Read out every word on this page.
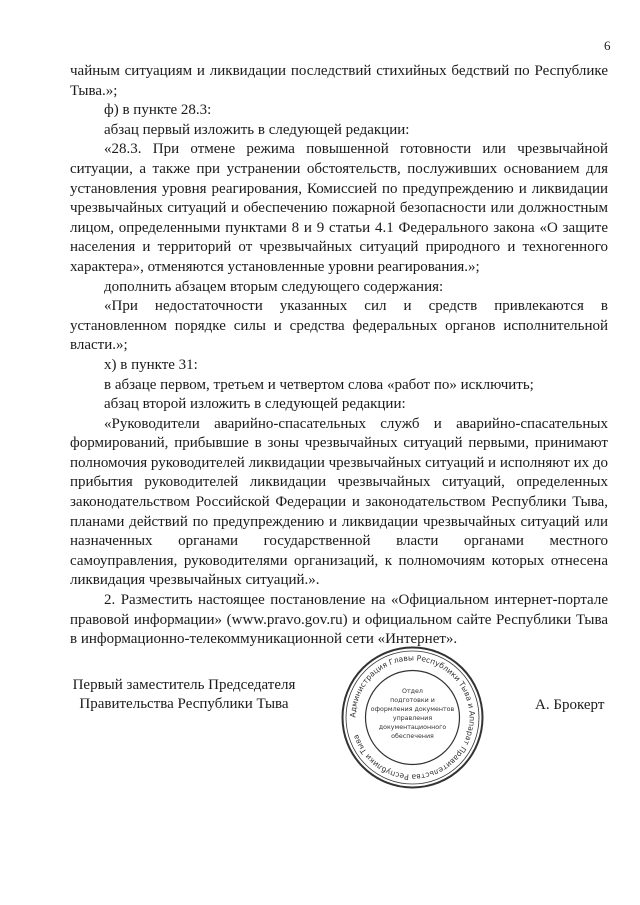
6

чайным ситуациям и ликвидации последствий стихийных бедствий по Республике Тыва.»;

ф) в пункте 28.3:

абзац первый изложить в следующей редакции:

«28.3. При отмене режима повышенной готовности или чрезвычайной ситуации, а также при устранении обстоятельств, послуживших основанием для установления уровня реагирования, Комиссией по предупреждению и ликвидации чрезвычайных ситуаций и обеспечению пожарной безопасности или должностным лицом, определенными пунктами 8 и 9 статьи 4.1 Федерального закона «О защите населения и территорий от чрезвычайных ситуаций природного и техногенного характера», отменяются установленные уровни реагирования.»;

дополнить абзацем вторым следующего содержания:

«При недостаточности указанных сил и средств привлекаются в установленном порядке силы и средства федеральных органов исполнительной власти.»;

х) в пункте 31:

в абзаце первом, третьем и четвертом слова «работ по» исключить;

абзац второй изложить в следующей редакции:

«Руководители аварийно-спасательных служб и аварийно-спасательных формирований, прибывшие в зоны чрезвычайных ситуаций первыми, принимают полномочия руководителей ликвидации чрезвычайных ситуаций и исполняют их до прибытия руководителей ликвидации чрезвычайных ситуаций, определенных законодательством Российской Федерации и законодательством Республики Тыва, планами действий по предупреждению и ликвидации чрезвычайных ситуаций или назначенных органами государственной власти органами местного самоуправления, руководителями организаций, к полномочиям которых отнесена ликвидация чрезвычайных ситуаций.».

2. Разместить настоящее постановление на «Официальном интернет-портале правовой информации» (www.pravo.gov.ru) и официальном сайте Республики Тыва в информационно-телекоммуникационной сети «Интернет».

Первый заместитель Председателя
Правительства Республики Тыва
Администрация Главы Республики Тыва и Аппарат Правительства Республики Тыва
Отдел
подготовки и
оформления документов
управления
документационного
обеспечения
А. Брокерт
